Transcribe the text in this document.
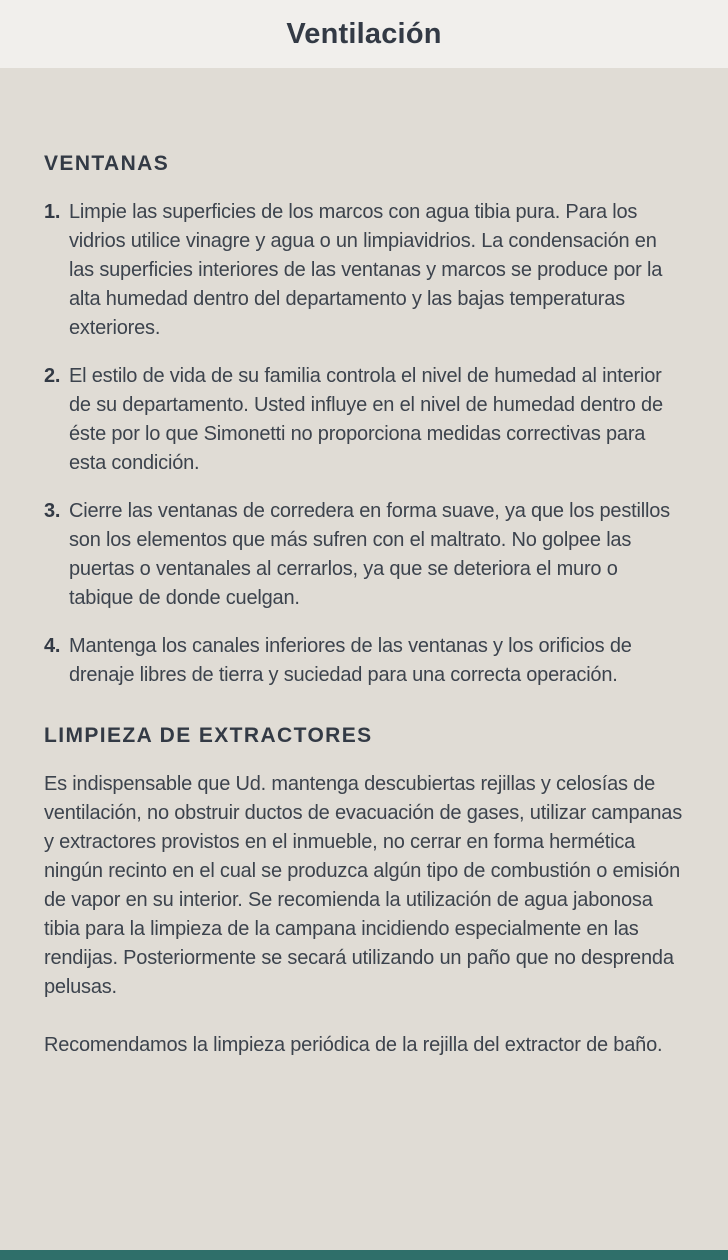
Ventilación
VENTANAS
1. Limpie las superficies de los marcos con agua tibia pura. Para los vidrios utilice vinagre y agua o un limpiavidrios. La condensación en las superficies interiores de las ventanas y marcos se produce por la alta humedad dentro del departamento y las bajas temperaturas exteriores.
2. El estilo de vida de su familia controla el nivel de humedad al interior de su departamento. Usted influye en el nivel de humedad dentro de éste por lo que Simonetti no proporciona medidas correctivas para esta condición.
3. Cierre las ventanas de corredera en forma suave, ya que los pestillos son los elementos que más sufren con el maltrato. No golpee las puertas o ventanales al cerrarlos, ya que se deteriora el muro o tabique de donde cuelgan.
4. Mantenga los canales inferiores de las ventanas y los orificios de drenaje libres de tierra y suciedad para una correcta operación.
LIMPIEZA DE EXTRACTORES

Es indispensable que Ud. mantenga descubiertas rejillas y celosías de ventilación, no obstruir ductos de evacuación de gases, utilizar campanas y extractores provistos en el inmueble, no cerrar en forma hermética ningún recinto en el cual se produzca algún tipo de combustión o emisión de vapor en su interior. Se recomienda la utilización de agua jabonosa tibia para la limpieza de la campana incidiendo especialmente en las rendijas. Posteriormente se secará utilizando un paño que no desprenda pelusas.

Recomendamos la limpieza periódica de la rejilla del extractor de baño.
